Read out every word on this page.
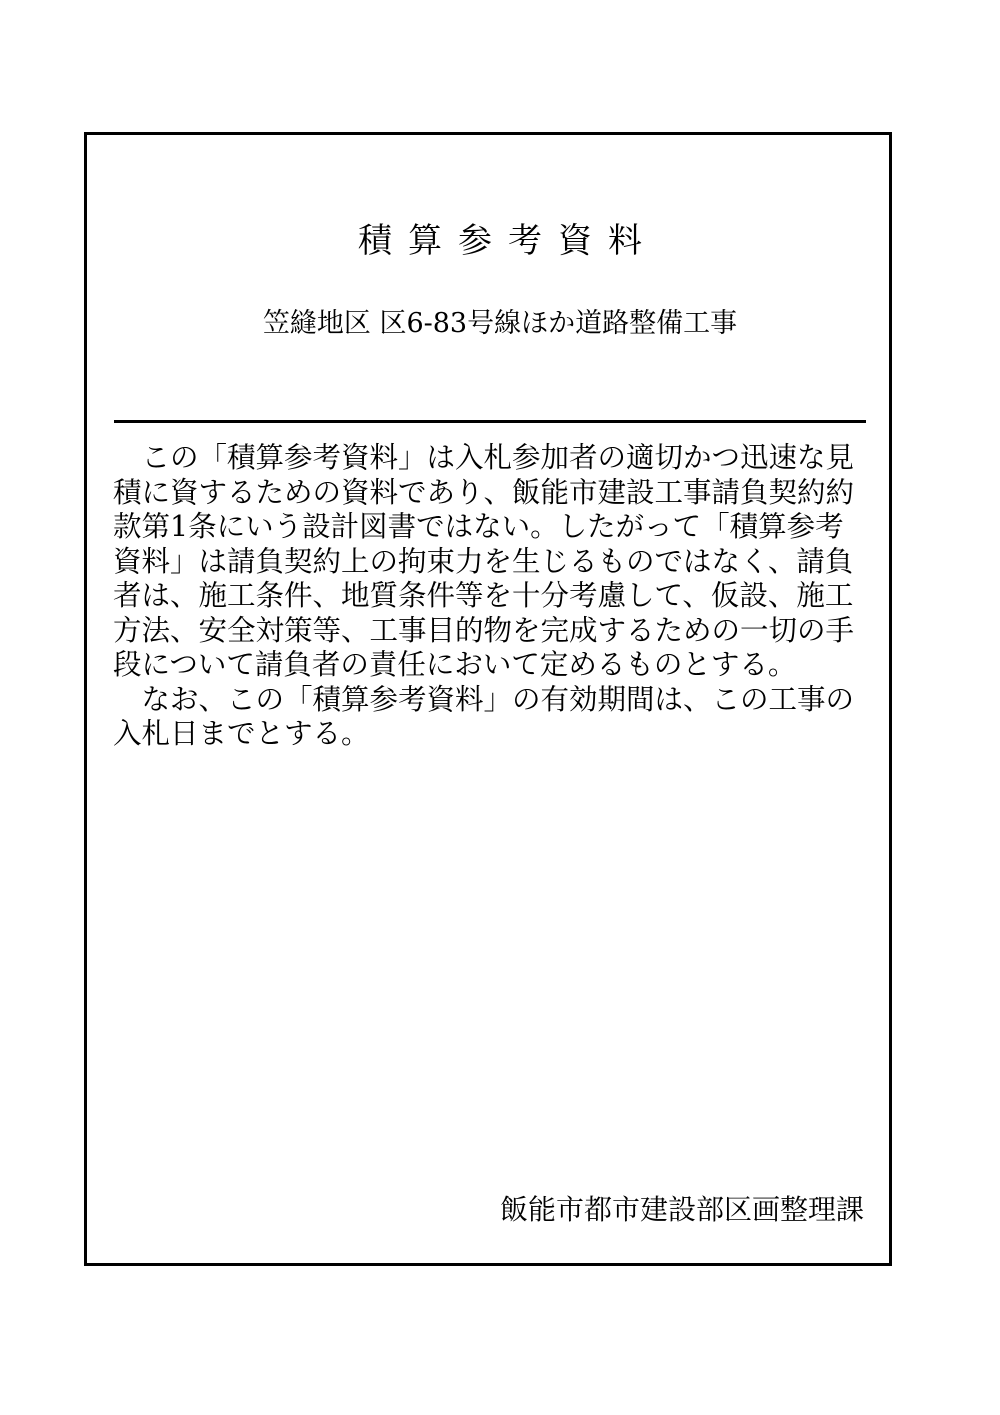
積算参考資料
笠縫地区 区6-83号線ほか道路整備工事

この「積算参考資料」は入札参加者の適切かつ迅速な見積に資するための資料であり、飯能市建設工事請負契約約款第1条にいう設計図書ではない。したがって「積算参考資料」は請負契約上の拘束力を生じるものではなく、請負者は、施工条件、地質条件等を十分考慮して、仮設、施工方法、安全対策等、工事目的物を完成するための一切の手段について請負者の責任において定めるものとする。

なお、この「積算参考資料」の有効期間は、この工事の入札日までとする。

飯能市都市建設部区画整理課
